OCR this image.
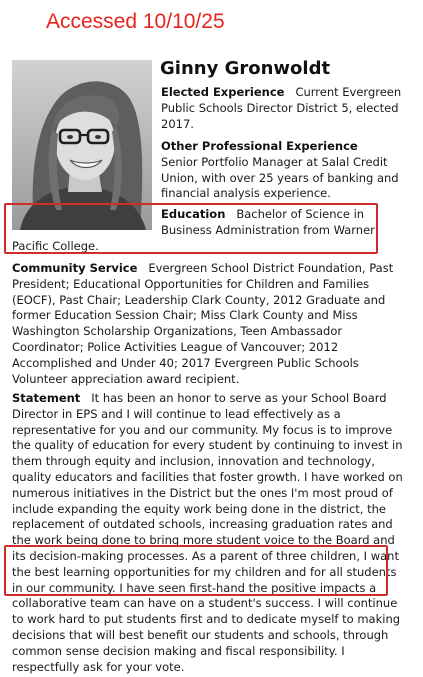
Accessed 10/10/25

Ginny Gronwoldt

Elected Experience Current Evergreen Public Schools Director District 5, elected 2017.

Other Professional Experience
Senior Portfolio Manager at Salal Credit Union, with over 25 years of banking and financial analysis experience.

Education Bachelor of Science in Business Administration from Warner

Pacific College.

Community Service Evergreen School District Foundation, Past President; Educational Opportunities for Children and Families (EOCF), Past Chair; Leadership Clark County, 2012 Graduate and former Education Session Chair; Miss Clark County and Miss Washington Scholarship Organizations, Teen Ambassador Coordinator; Police Activities League of Vancouver; 2012 Accomplished and Under 40; 2017 Evergreen Public Schools Volunteer appreciation award recipient.

Statement It has been an honor to serve as your School Board
Director in EPS and I will continue to lead effectively as a
representative for you and our community. My focus is to improve
the quality of education for every student by continuing to invest in
them through equity and inclusion, innovation and technology,
quality educators and facilities that foster growth. I have worked on
numerous initiatives in the District but the ones I'm most proud of
include expanding the equity work being done in the district, the
replacement of outdated schools, increasing graduation rates and
the work being done to bring more student voice to the Board and
its decision-making processes. As a parent of three children, I want
the best learning opportunities for my children and for all students
in our community. I have seen first-hand the positive impacts a
collaborative team can have on a student's success. I will continue
to work hard to put students first and to dedicate myself to making
decisions that will best benefit our students and schools, through
common sense decision making and fiscal responsibility. I
respectfully ask for your vote.
